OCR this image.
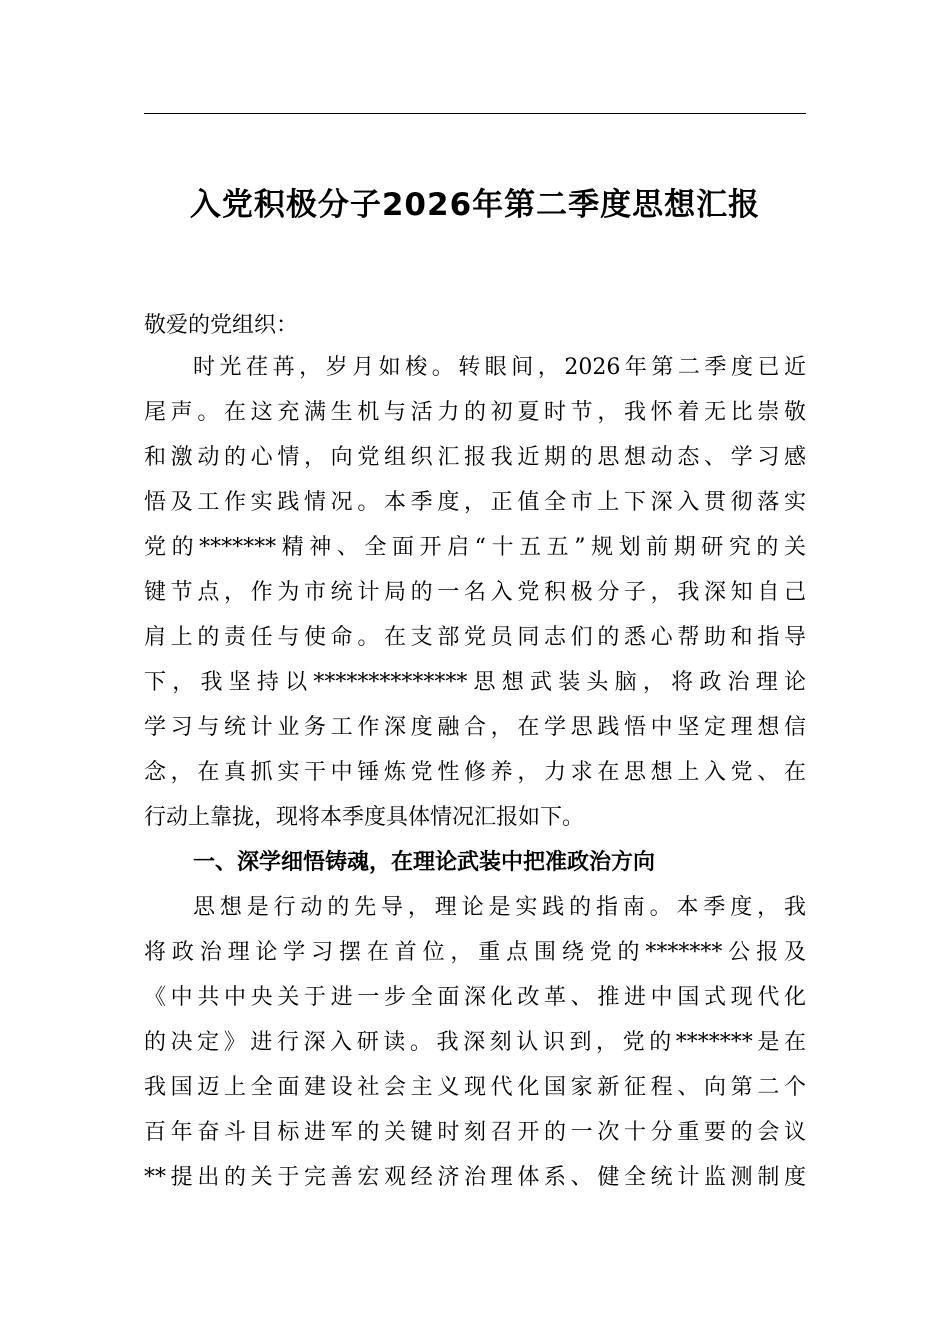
入党积极分子2026年第二季度思想汇报
敬爱的党组织：
时光荏苒，岁月如梭。转眼间，2026年第二季度已近
尾声。在这充满生机与活力的初夏时节，我怀着无比崇敬
和激动的心情，向党组织汇报我近期的思想动态、学习感
悟及工作实践情况。本季度，正值全市上下深入贯彻落实
党的*******精神、全面开启“十五五”规划前期研究的关
键节点，作为市统计局的一名入党积极分子，我深知自己
肩上的责任与使命。在支部党员同志们的悉心帮助和指导
下，我坚持以**************思想武装头脑，将政治理论
学习与统计业务工作深度融合，在学思践悟中坚定理想信
念，在真抓实干中锤炼党性修养，力求在思想上入党、在
行动上靠拢，现将本季度具体情况汇报如下。
一、深学细悟铸魂，在理论武装中把准政治方向
思想是行动的先导，理论是实践的指南。本季度，我
将政治理论学习摆在首位，重点围绕党的*******公报及
《中共中央关于进一步全面深化改革、推进中国式现代化
的决定》进行深入研读。我深刻认识到，党的*******是在
我国迈上全面建设社会主义现代化国家新征程、向第二个
百年奋斗目标进军的关键时刻召开的一次十分重要的会议
**提出的关于完善宏观经济治理体系、健全统计监测制度
